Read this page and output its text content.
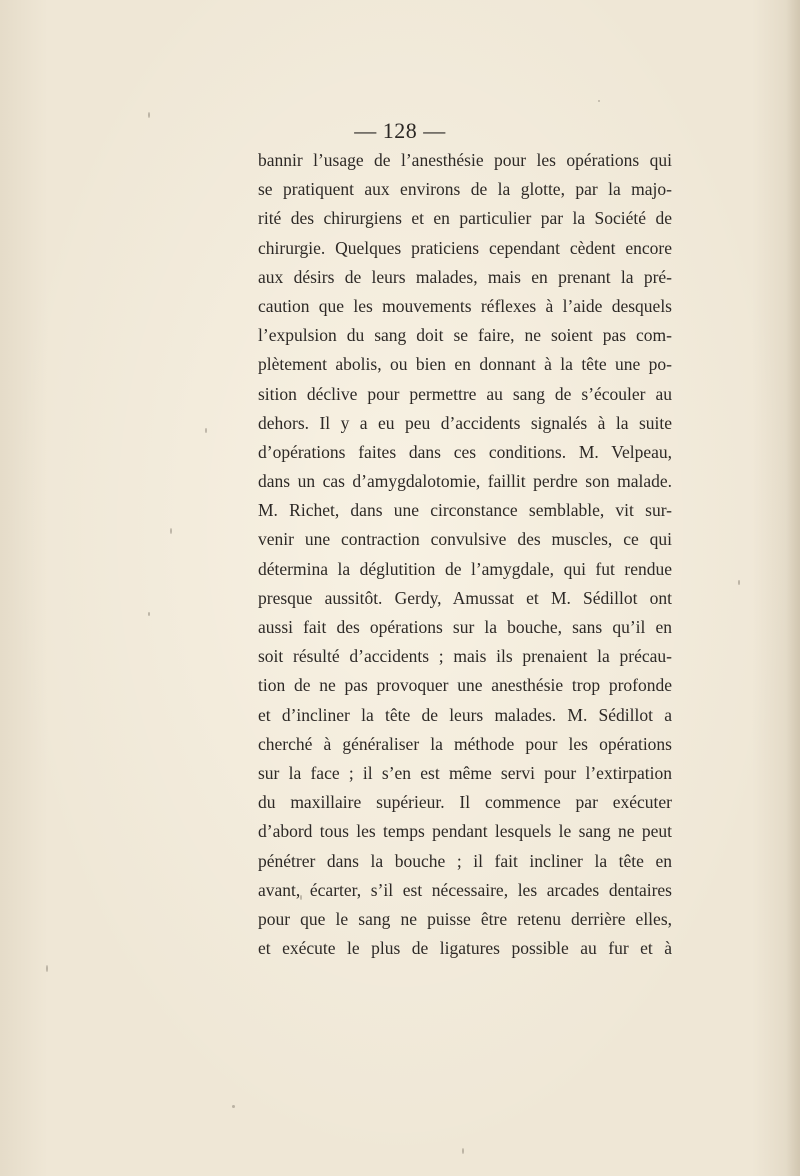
— 128 —
bannir l’usage de l’anesthésie pour les opérations qui
se pratiquent aux environs de la glotte, par la majo-
rité des chirurgiens et en particulier par la Société de
chirurgie. Quelques praticiens cependant cèdent encore
aux désirs de leurs malades, mais en prenant la pré-
caution que les mouvements réflexes à l’aide desquels
l’expulsion du sang doit se faire, ne soient pas com-
plètement abolis, ou bien en donnant à la tête une po-
sition déclive pour permettre au sang de s’écouler au
dehors. Il y a eu peu d’accidents signalés à la suite
d’opérations faites dans ces conditions. M. Velpeau,
dans un cas d’amygdalotomie, faillit perdre son malade.
M. Richet, dans une circonstance semblable, vit sur-
venir une contraction convulsive des muscles, ce qui
détermina la déglutition de l’amygdale, qui fut rendue
presque aussitôt. Gerdy, Amussat et M. Sédillot ont
aussi fait des opérations sur la bouche, sans qu’il en
soit résulté d’accidents ; mais ils prenaient la précau-
tion de ne pas provoquer une anesthésie trop profonde
et d’incliner la tête de leurs malades. M. Sédillot a
cherché à généraliser la méthode pour les opérations
sur la face ; il s’en est même servi pour l’extirpation
du maxillaire supérieur. Il commence par exécuter
d’abord tous les temps pendant lesquels le sang ne peut
pénétrer dans la bouche ; il fait incliner la tête en
avant, écarter, s’il est nécessaire, les arcades dentaires
pour que le sang ne puisse être retenu derrière elles,
et exécute le plus de ligatures possible au fur et à
